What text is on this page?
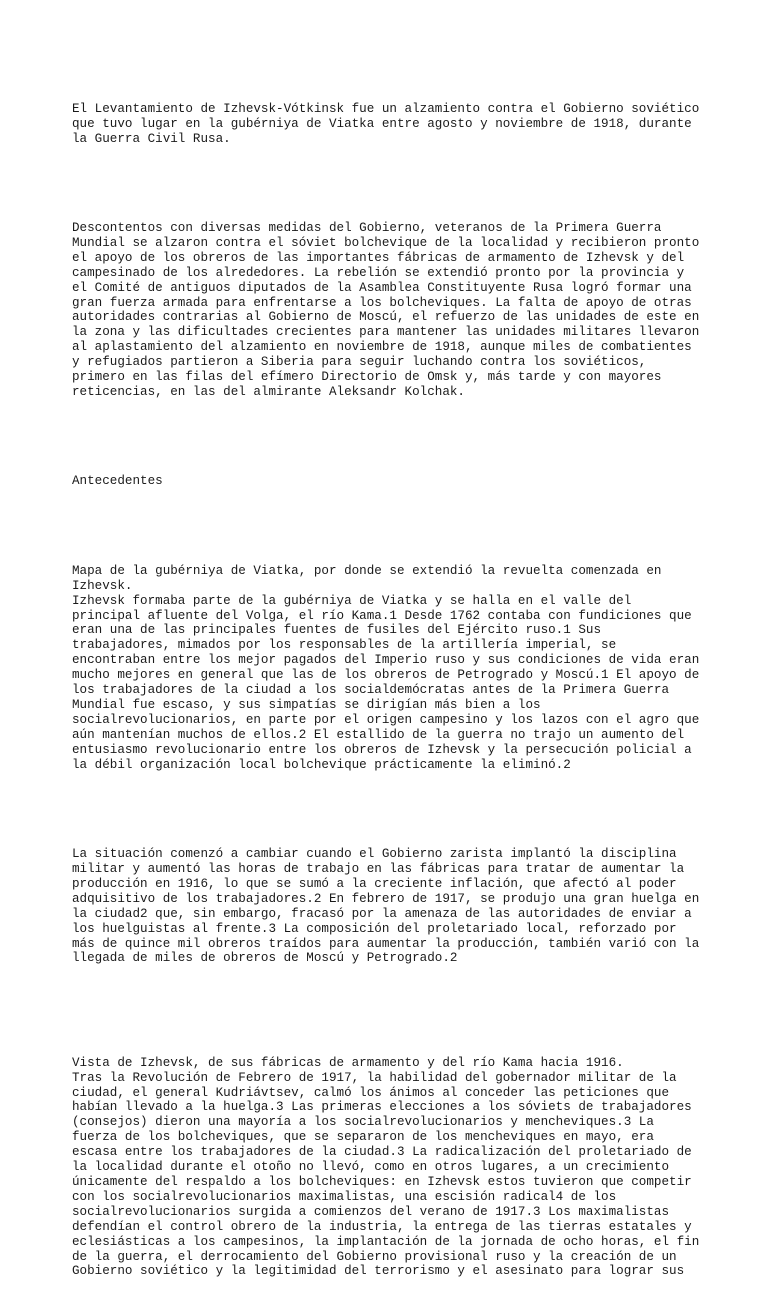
El Levantamiento de Izhevsk-Vótkinsk fue un alzamiento contra el Gobierno soviético
que tuvo lugar en la gubérniya de Viatka entre agosto y noviembre de 1918, durante
la Guerra Civil Rusa.

Descontentos con diversas medidas del Gobierno, veteranos de la Primera Guerra
Mundial se alzaron contra el sóviet bolchevique de la localidad y recibieron pronto
el apoyo de los obreros de las importantes fábricas de armamento de Izhevsk y del
campesinado de los alrededores. La rebelión se extendió pronto por la provincia y
el Comité de antiguos diputados de la Asamblea Constituyente Rusa logró formar una
gran fuerza armada para enfrentarse a los bolcheviques. La falta de apoyo de otras
autoridades contrarias al Gobierno de Moscú, el refuerzo de las unidades de este en
la zona y las dificultades crecientes para mantener las unidades militares llevaron
al aplastamiento del alzamiento en noviembre de 1918, aunque miles de combatientes
y refugiados partieron a Siberia para seguir luchando contra los soviéticos,
primero en las filas del efímero Directorio de Omsk y, más tarde y con mayores
reticencias, en las del almirante Aleksandr Kolchak.

Antecedentes

Mapa de la gubérniya de Viatka, por donde se extendió la revuelta comenzada en
Izhevsk.
Izhevsk formaba parte de la gubérniya de Viatka y se halla en el valle del
principal afluente del Volga, el río Kama.1 Desde 1762 contaba con fundiciones que
eran una de las principales fuentes de fusiles del Ejército ruso.1 Sus
trabajadores, mimados por los responsables de la artillería imperial, se
encontraban entre los mejor pagados del Imperio ruso y sus condiciones de vida eran
mucho mejores en general que las de los obreros de Petrogrado y Moscú.1 El apoyo de
los trabajadores de la ciudad a los socialdemócratas antes de la Primera Guerra
Mundial fue escaso, y sus simpatías se dirigían más bien a los
socialrevolucionarios, en parte por el origen campesino y los lazos con el agro que
aún mantenían muchos de ellos.2 El estallido de la guerra no trajo un aumento del
entusiasmo revolucionario entre los obreros de Izhevsk y la persecución policial a
la débil organización local bolchevique prácticamente la eliminó.2

La situación comenzó a cambiar cuando el Gobierno zarista implantó la disciplina
militar y aumentó las horas de trabajo en las fábricas para tratar de aumentar la
producción en 1916, lo que se sumó a la creciente inflación, que afectó al poder
adquisitivo de los trabajadores.2 En febrero de 1917, se produjo una gran huelga en
la ciudad2 que, sin embargo, fracasó por la amenaza de las autoridades de enviar a
los huelguistas al frente.3 La composición del proletariado local, reforzado por
más de quince mil obreros traídos para aumentar la producción, también varió con la
llegada de miles de obreros de Moscú y Petrogrado.2

Vista de Izhevsk, de sus fábricas de armamento y del río Kama hacia 1916.
Tras la Revolución de Febrero de 1917, la habilidad del gobernador militar de la
ciudad, el general Kudriávtsev, calmó los ánimos al conceder las peticiones que
habían llevado a la huelga.3 Las primeras elecciones a los sóviets de trabajadores
(consejos) dieron una mayoría a los socialrevolucionarios y mencheviques.3 La
fuerza de los bolcheviques, que se separaron de los mencheviques en mayo, era
escasa entre los trabajadores de la ciudad.3 La radicalización del proletariado de
la localidad durante el otoño no llevó, como en otros lugares, a un crecimiento
únicamente del respaldo a los bolcheviques: en Izhevsk estos tuvieron que competir
con los socialrevolucionarios maximalistas, una escisión radical4 de los
socialrevolucionarios surgida a comienzos del verano de 1917.3 Los maximalistas
defendían el control obrero de la industria, la entrega de las tierras estatales y
eclesiásticas a los campesinos, la implantación de la jornada de ocho horas, el fin
de la guerra, el derrocamiento del Gobierno provisional ruso y la creación de un
Gobierno soviético y la legitimidad del terrorismo y el asesinato para lograr sus
